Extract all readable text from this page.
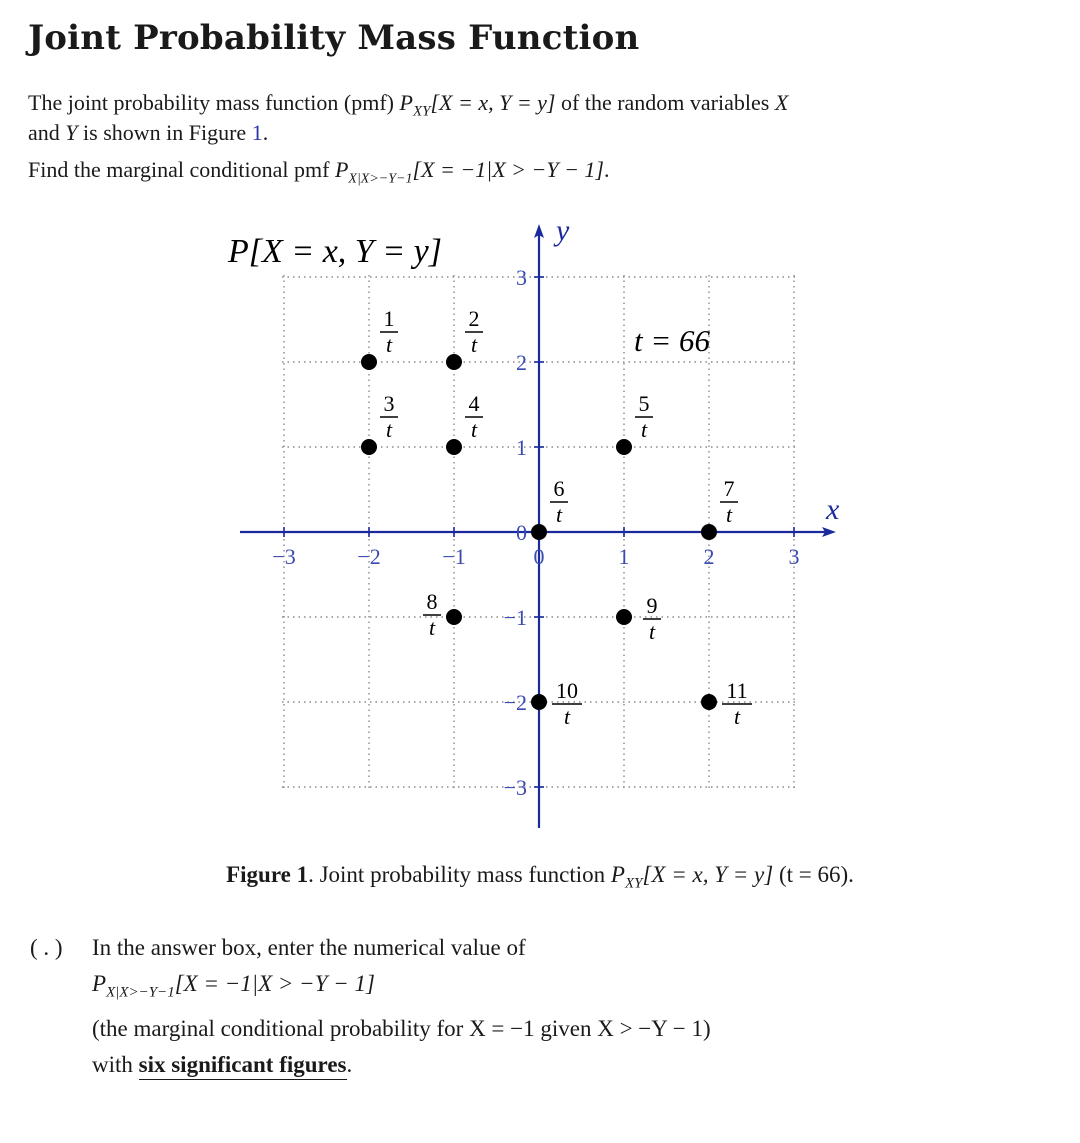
Joint Probability Mass Function
The joint probability mass function (pmf) $P_{XY}[X = x$, Y = y] of the random variables X
and Y is shown in Figure 1.
Find the marginal conditional pmf $P_{X|X>-Y-1}[X = -1|X > -Y - 1]$.
x
y
−3	−2	−1	0	1	2	3
3
2
1
0
−1
−2
−3
1
t
2
t
3
t
4
t
5
t
6
t
7
t
8
t
9
t
10
t
11
t
P[X = x, Y = y]
t = 66
Figure 1. Joint probability mass function $P_{XY}[X = x$, Y = y] (t = 66).
( . ) In the answer box, enter the numerical value of
$P_{X|X>-Y-1}[X = -1|X > -Y - 1]$
(the marginal conditional probability for X = −1 given X > −Y − 1)
with six significant figures.
